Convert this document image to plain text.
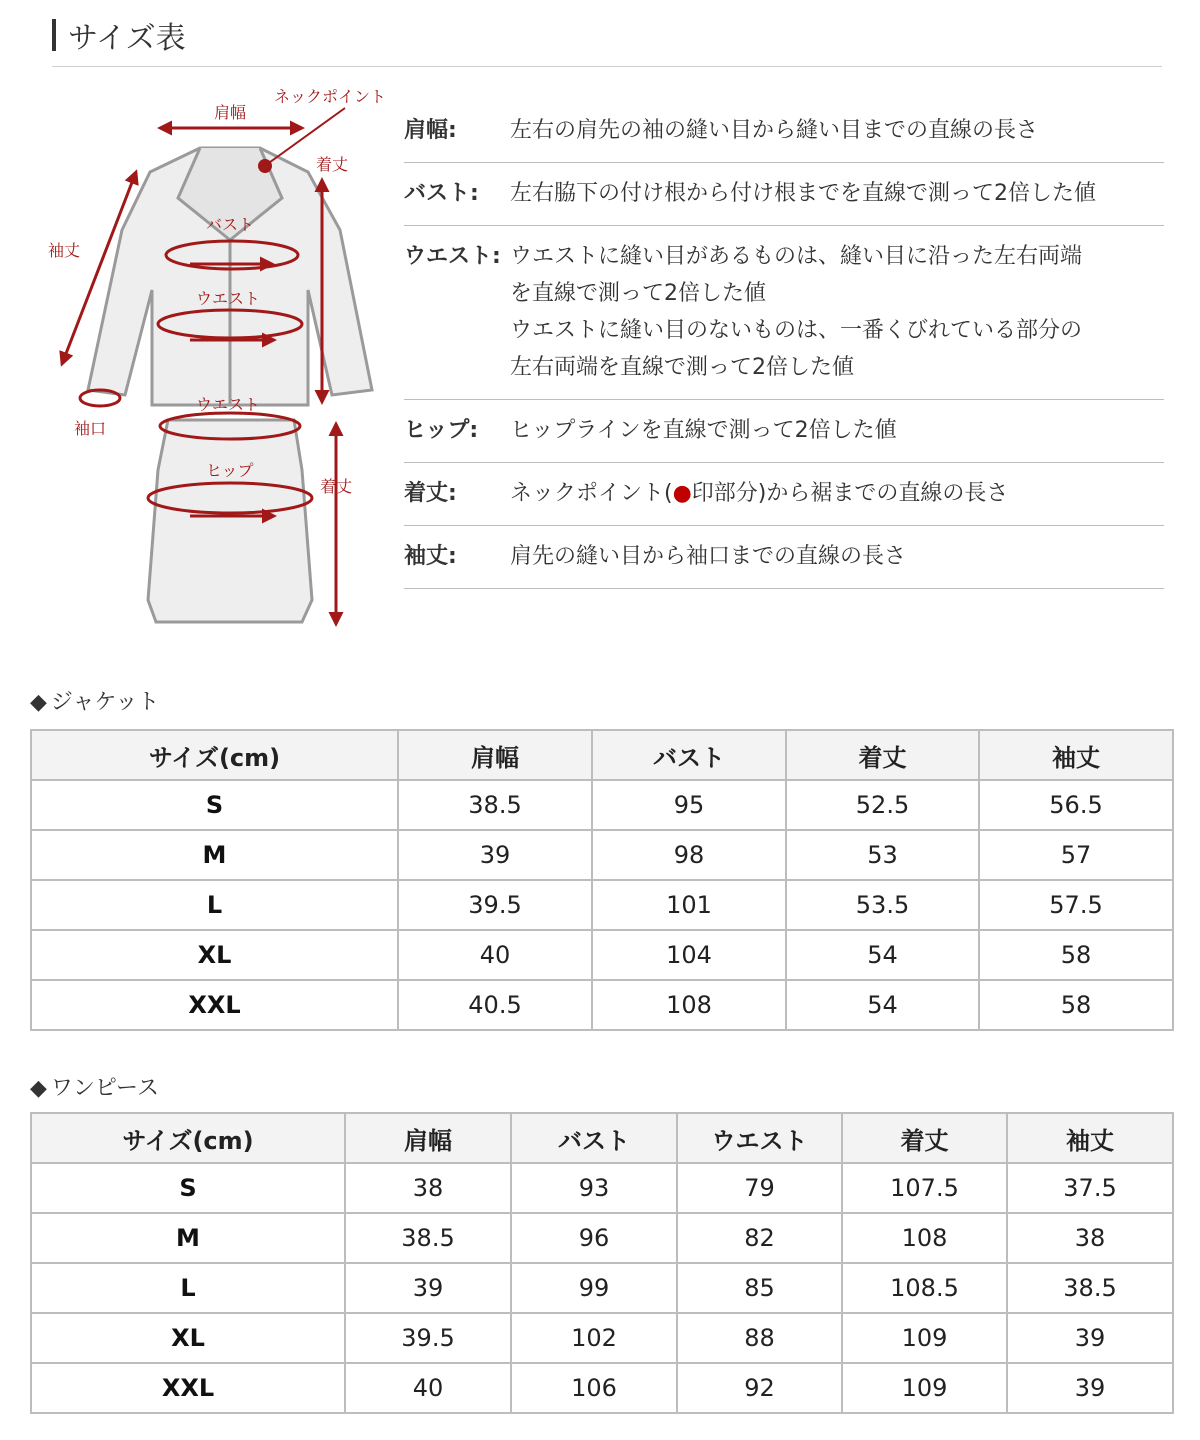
サイズ表
肩幅
ネックポイント
着丈
袖丈
バスト
ウエスト
袖口
ウエスト
ヒップ
着丈
肩幅:	左右の肩先の袖の縫い目から縫い目までの直線の長さ
バスト:	左右脇下の付け根から付け根までを直線で測って2倍した値
ウエスト: ウエストに縫い目があるものは、縫い目に沿った左右両端
を直線で測って2倍した値
ウエストに縫い目のないものは、一番くびれている部分の
左右両端を直線で測って2倍した値
ヒップ:	ヒップラインを直線で測って2倍した値
着丈:	ネックポイント(●印部分)から裾までの直線の長さ
袖丈:	肩先の縫い目から袖口までの直線の長さ
◆ ジャケット
サイズ(cm)	肩幅	バスト	着丈	袖丈
S	38.5	95	52.5	56.5
M	39	98	53	57
L	39.5	101	53.5	57.5
XL	40	104	54	58
XXL	40.5	108	54	58
◆ ワンピース
サイズ(cm)	肩幅	バスト	ウエスト	着丈	袖丈
S	38	93	79	107.5	37.5
M	38.5	96	82	108	38
L	39	99	85	108.5	38.5
XL	39.5	102	88	109	39
XXL	40	106	92	109	39
